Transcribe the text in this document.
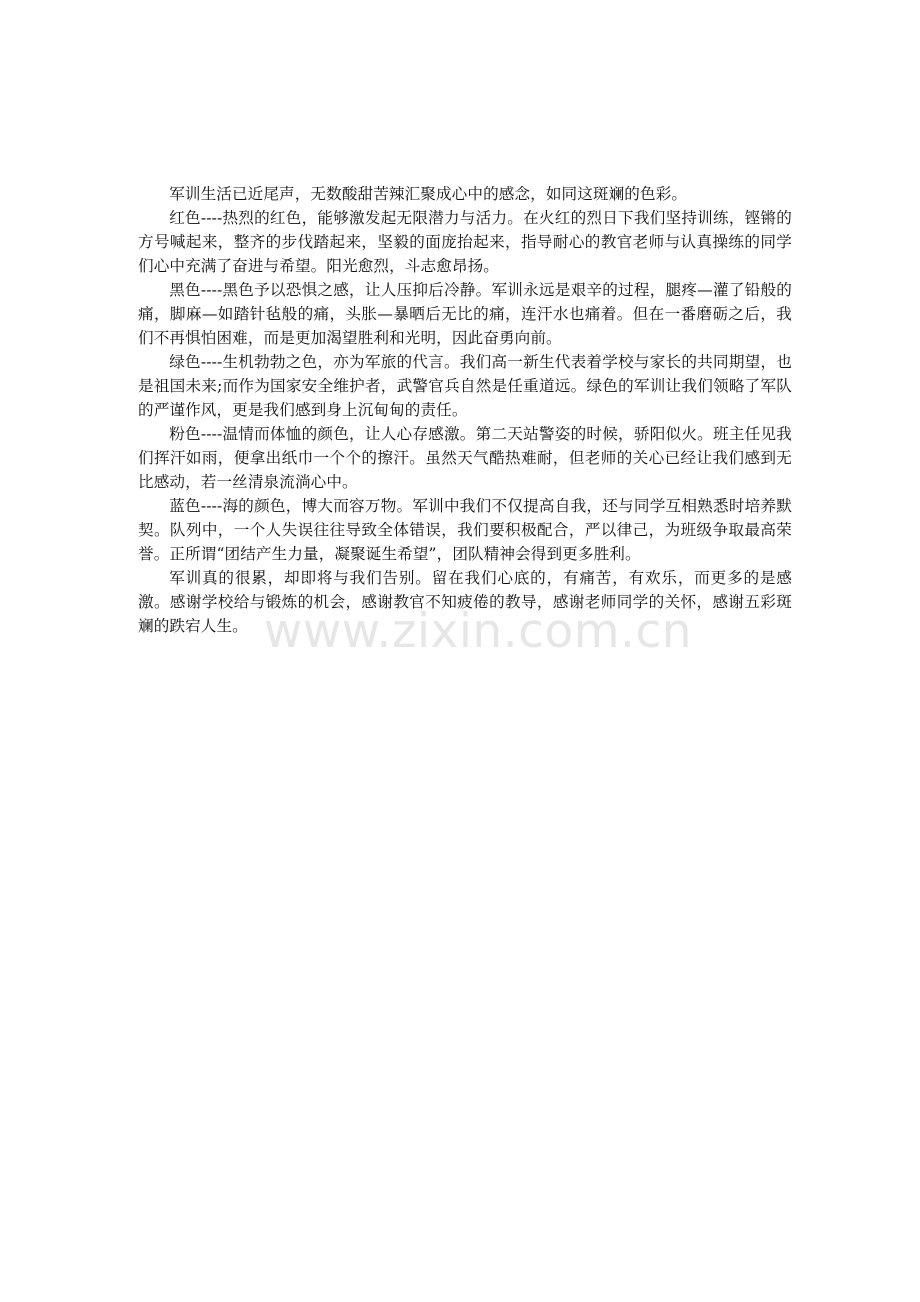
军训生活已近尾声，无数酸甜苦辣汇聚成心中的感念，如同这斑斓的色彩。

红色----热烈的红色，能够激发起无限潜力与活力。在火红的烈日下我们坚持训练，铿锵的方号喊起来，整齐的步伐踏起来，坚毅的面庞抬起来，指导耐心的教官老师与认真操练的同学们心中充满了奋进与希望。阳光愈烈，斗志愈昂扬。

黑色----黑色予以恐惧之感，让人压抑后冷静。军训永远是艰辛的过程，腿疼—灌了铅般的痛，脚麻—如踏针毡般的痛，头胀—暴晒后无比的痛，连汗水也痛着。但在一番磨砺之后，我们不再惧怕困难，而是更加渴望胜利和光明，因此奋勇向前。

绿色----生机勃勃之色，亦为军旅的代言。我们高一新生代表着学校与家长的共同期望，也是祖国未来;而作为国家安全维护者，武警官兵自然是任重道远。绿色的军训让我们领略了军队的严谨作风，更是我们感到身上沉甸甸的责任。

粉色----温情而体恤的颜色，让人心存感激。第二天站警姿的时候，骄阳似火。班主任见我们挥汗如雨，便拿出纸巾一个个的擦汗。虽然天气酷热难耐，但老师的关心已经让我们感到无比感动，若一丝清泉流淌心中。

蓝色----海的颜色，博大而容万物。军训中我们不仅提高自我，还与同学互相熟悉时培养默契。队列中，一个人失误往往导致全体错误，我们要积极配合，严以律己，为班级争取最高荣誉。正所谓“团结产生力量，凝聚诞生希望”，团队精神会得到更多胜利。

军训真的很累，却即将与我们告别。留在我们心底的，有痛苦，有欢乐，而更多的是感激。感谢学校给与锻炼的机会，感谢教官不知疲倦的教导，感谢老师同学的关怀，感谢五彩斑斓的跌宕人生。 www.zixin.com.cn
